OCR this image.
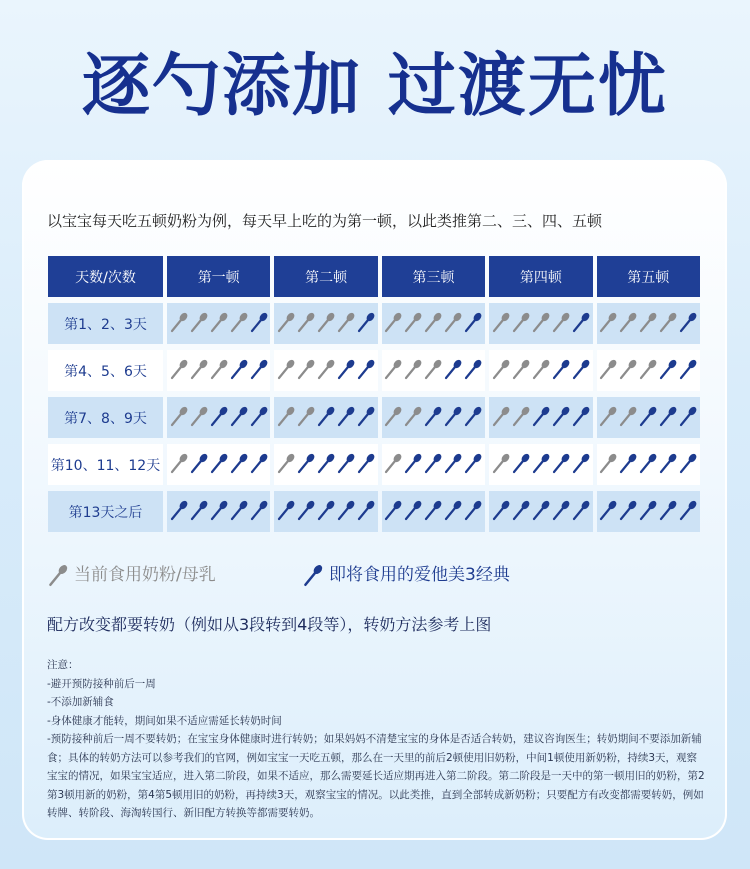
逐勺添加 过渡无忧
以宝宝每天吃五顿奶粉为例，每天早上吃的为第一顿，以此类推第二、三、四、五顿
天数/次数	第一顿	第二顿	第三顿	第四顿	第五顿
第1、2、3天	

第4、5、6天	

第7、8、9天	

第10、11、12天	

第13天之后	

当前食用奶粉/母乳	即将食用的爱他美3经典
配方改变都要转奶（例如从3段转到4段等），转奶方法参考上图
注意：
-避开预防接种前后一周
-不添加新辅食
-身体健康才能转，期间如果不适应需延长转奶时间
-预防接种前后一周不要转奶；在宝宝身体健康时进行转奶；如果妈妈不清楚宝宝的身体是否适合转奶，建议咨询医生；转奶期间不要添加新辅食；具体的转奶方法可以参考我们的官网，例如宝宝一天吃五顿，那么在一天里的前后2顿使用旧奶粉，中间1顿使用新奶粉，持续3天，观察宝宝的情况，如果宝宝适应，进入第二阶段，如果不适应，那么需要延长适应期再进入第二阶段。第二阶段是一天中的第一顿用旧的奶粉，第2第3顿用新的奶粉，第4第5顿用旧的奶粉，再持续3天，观察宝宝的情况。以此类推，直到全部转成新奶粉；只要配方有改变都需要转奶，例如转牌、转阶段、海淘转国行、新旧配方转换等都需要转奶。
